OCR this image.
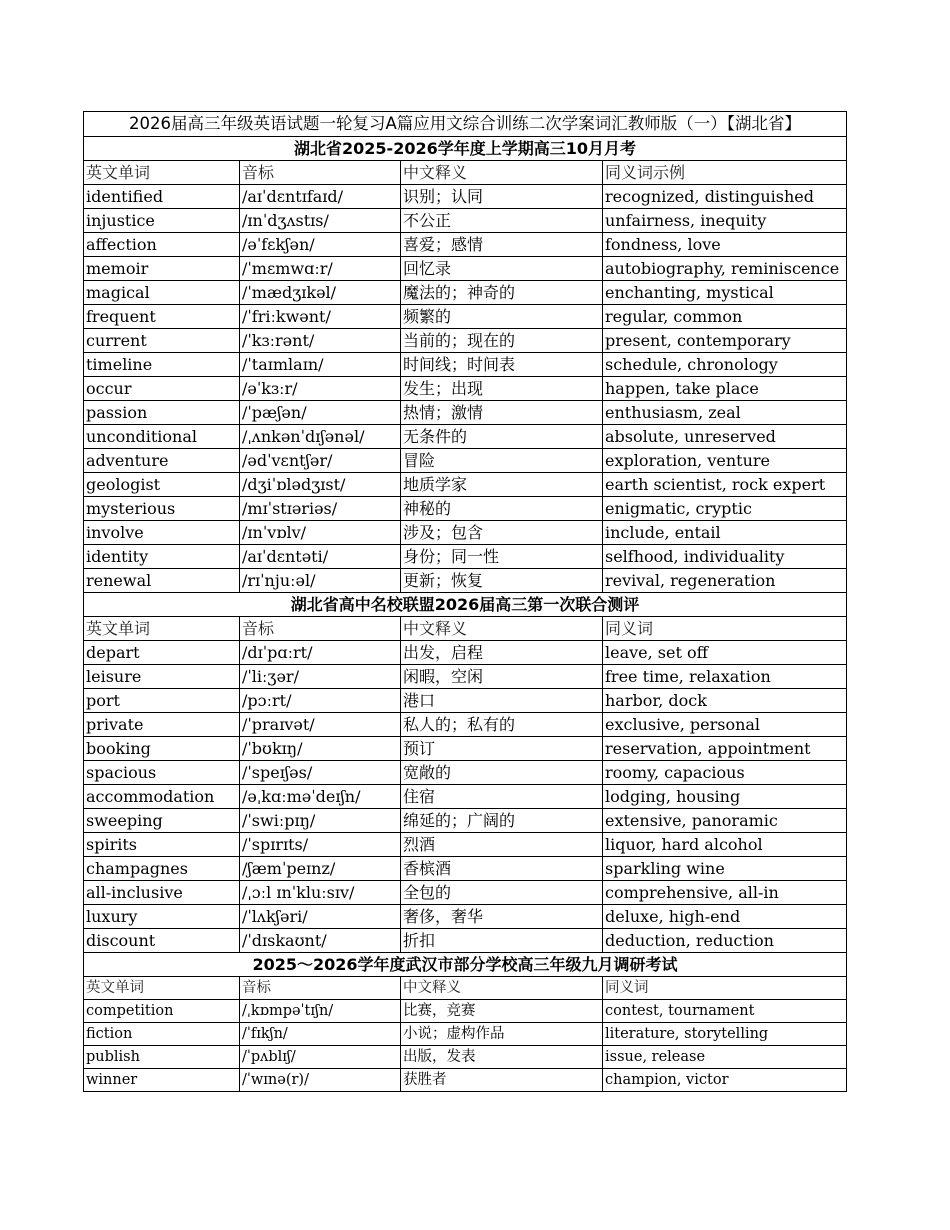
2026届高三年级英语试题一轮复习A篇应用文综合训练二次学案词汇教师版（一）【湖北省】			
湖北省2025-2026学年度上学期高三10月月考			
英文单词	音标	中文释义	同义词示例
identified	/aɪˈdɛntɪfaɪd/	识别；认同	recognized, distinguished
injustice	/ɪnˈdʒʌstɪs/	不公正	unfairness, inequity
affection	/əˈfɛkʃən/	喜爱；感情	fondness, love
memoir	/ˈmɛmwɑːr/	回忆录	autobiography, reminiscence
magical	/ˈmædʒɪkəl/	魔法的；神奇的	enchanting, mystical
frequent	/ˈfriːkwənt/	频繁的	regular, common
current	/ˈkɜːrənt/	当前的；现在的	present, contemporary
timeline	/ˈtaɪmlaɪn/	时间线；时间表	schedule, chronology
occur	/əˈkɜːr/	发生；出现	happen, take place
passion	/ˈpæʃən/	热情；激情	enthusiasm, zeal
unconditional	/ˌʌnkənˈdɪʃənəl/	无条件的	absolute, unreserved
adventure	/ədˈvɛntʃər/	冒险	exploration, venture
geologist	/dʒiˈɒlədʒɪst/	地质学家	earth scientist, rock expert
mysterious	/mɪˈstɪəriəs/	神秘的	enigmatic, cryptic
involve	/ɪnˈvɒlv/	涉及；包含	include, entail
identity	/aɪˈdɛntəti/	身份；同一性	selfhood, individuality
renewal	/rɪˈnjuːəl/	更新；恢复	revival, regeneration
湖北省高中名校联盟2026届高三第一次联合测评			
英文单词	音标	中文释义	同义词
depart	/dɪˈpɑːrt/	出发，启程	leave, set off
leisure	/ˈliːʒər/	闲暇，空闲	free time, relaxation
port	/pɔːrt/	港口	harbor, dock
private	/ˈpraɪvət/	私人的；私有的	exclusive, personal
booking	/ˈbʊkɪŋ/	预订	reservation, appointment
spacious	/ˈspeɪʃəs/	宽敞的	roomy, capacious
accommodation	/əˌkɑːməˈdeɪʃn/	住宿	lodging, housing
sweeping	/ˈswiːpɪŋ/	绵延的；广阔的	extensive, panoramic
spirits	/ˈspɪrɪts/	烈酒	liquor, hard alcohol
champagnes	/ʃæmˈpeɪnz/	香槟酒	sparkling wine
all-inclusive	/ˌɔːl ɪnˈkluːsɪv/	全包的	comprehensive, all-in
luxury	/ˈlʌkʃəri/	奢侈，奢华	deluxe, high-end
discount	/ˈdɪskaʊnt/	折扣	deduction, reduction
2025～2026学年度武汉市部分学校高三年级九月调研考试			
英文单词	音标	中文释义	同义词
competition	/ˌkɒmpəˈtɪʃn/	比赛，竞赛	contest, tournament
fiction	/ˈfɪkʃn/	小说；虚构作品	literature, storytelling
publish	/ˈpʌblɪʃ/	出版，发表	issue, release
winner	/ˈwɪnə(r)/	获胜者	champion, victor
